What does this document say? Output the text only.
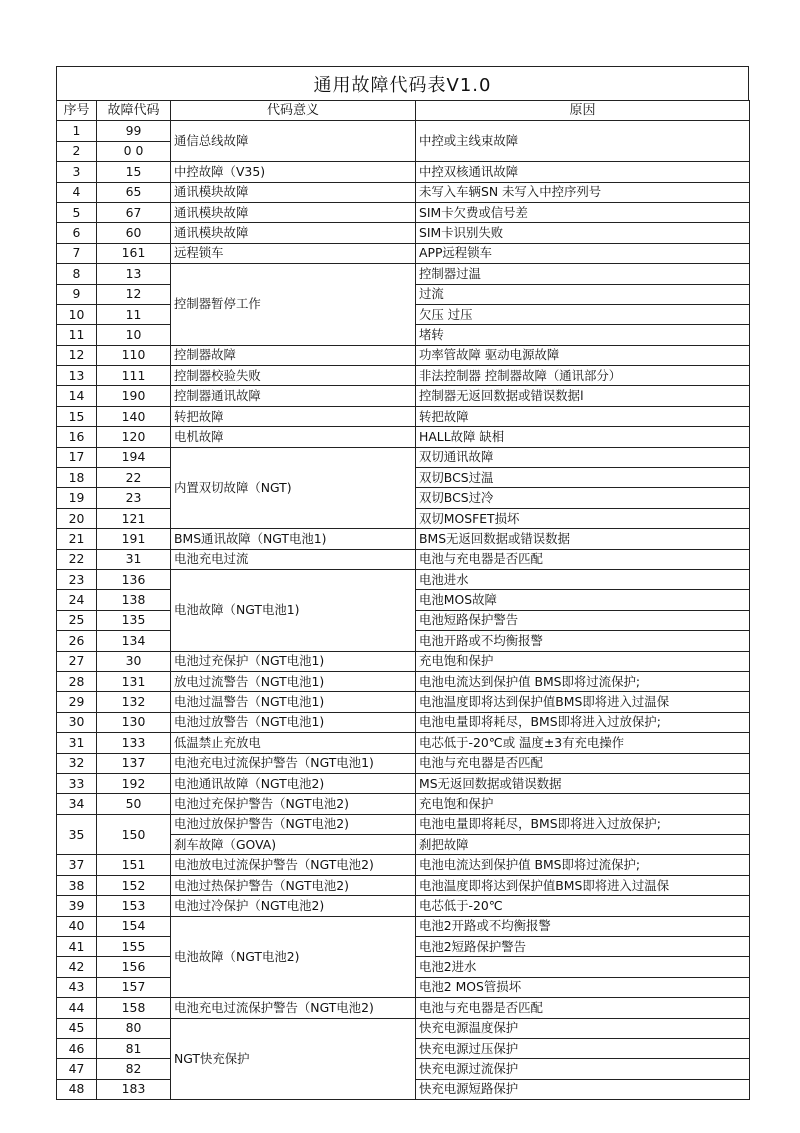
通用故障代码表V1.0
序号	故障代码	代码意义	原因
1	99	通信总线故障	中控或主线束故障
2	0 0		
3	15	中控故障（V35)	中控双核通讯故障
4	65	通讯模块故障	未写入车辆SN 未写入中控序列号
5	67	通讯模块故障	SIM卡欠费或信号差
6	60	通讯模块故障	SIM卡识别失败
7	161	远程锁车	APP远程锁车
8	13	控制器暂停工作	控制器过温
9	12		过流
10	11		欠压 过压
11	10		堵转
12	110	控制器故障	功率管故障 驱动电源故障
13	111	控制器校验失败	非法控制器 控制器故障（通讯部分）
14	190	控制器通讯故障	控制器无返回数据或错误数据l
15	140	转把故障	转把故障
16	120	电机故障	HALL故障 缺相
17	194	内置双切故障（NGT)	双切通讯故障
18	22		双切BCS过温
19	23		双切BCS过冷
20	121		双切MOSFET损坏
21	191	BMS通讯故障（NGT电池1)	BMS无返回数据或错误数据
22	31	电池充电过流	电池与充电器是否匹配
23	136	电池故障（NGT电池1)	电池进水
24	138		电池MOS故障
25	135		电池短路保护警告
26	134		电池开路或不均衡报警
27	30	电池过充保护（NGT电池1)	充电饱和保护
28	131	放电过流警告（NGT电池1)	电池电流达到保护值 BMS即将过流保护;
29	132	电池过温警告（NGT电池1)	电池温度即将达到保护值BMS即将进入过温保
30	130	电池过放警告（NGT电池1)	电池电量即将耗尽，BMS即将进入过放保护;
31	133	低温禁止充放电	电芯低于-20℃或 温度±3有充电操作
32	137	电池充电过流保护警告（NGT电池1)	电池与充电器是否匹配
33	192	电池通讯故障（NGT电池2)	MS无返回数据或错误数据
34	50	电池过充保护警告（NGT电池2)	充电饱和保护
35	150	电池过放保护警告（NGT电池2)	电池电量即将耗尽，BMS即将进入过放保护;
		刹车故障（GOVA)	刹把故障
37	151	电池放电过流保护警告（NGT电池2)	电池电流达到保护值 BMS即将过流保护;
38	152	电池过热保护警告（NGT电池2)	电池温度即将达到保护值BMS即将进入过温保
39	153	电池过冷保护（NGT电池2)	电芯低于-20℃
40	154	电池故障（NGT电池2)	电池2开路或不均衡报警
41	155		电池2短路保护警告
42	156		电池2进水
43	157		电池2 MOS管损坏
44	158	电池充电过流保护警告（NGT电池2)	电池与充电器是否匹配
45	80	NGT快充保护	快充电源温度保护
46	81		快充电源过压保护
47	82		快充电源过流保护
48	183		快充电源短路保护
